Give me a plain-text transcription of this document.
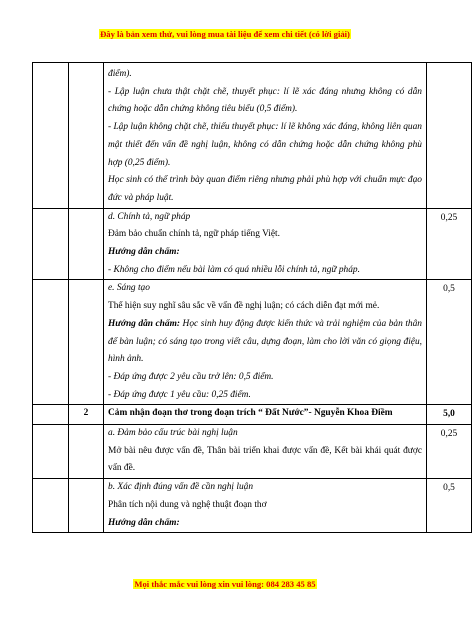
Đây là bản xem thử, vui lòng mua tài liệu để xem chi tiết (có lời giải)

		điểm).

- Lập luận chưa thật chặt chẽ, thuyết phục: lí lẽ xác đáng nhưng không có dẫn chứng hoặc dẫn chứng không tiêu biểu (0,5 điểm).

- Lập luận không chặt chẽ, thiếu thuyết phục: lí lẽ không xác đáng, không liên quan mật thiết đến vấn đề nghị luận, không có dẫn chứng hoặc dẫn chứng không phù hợp (0,25 điểm).

Học sinh có thể trình bày quan điểm riêng nhưng phải phù hợp với chuẩn mực đạo đức và pháp luật.	

		d. Chính tả, ngữ pháp

Đảm bảo chuẩn chính tả, ngữ pháp tiếng Việt.

Hướng dẫn chấm:

- Không cho điểm nếu bài làm có quá nhiều lỗi chính tả, ngữ pháp.	0,25

		e. Sáng tạo

Thể hiện suy nghĩ sâu sắc về vấn đề nghị luận; có cách diễn đạt mới mẻ.

Hướng dẫn chấm: Học sinh huy động được kiến thức và trải nghiệm của bản thân để bàn luận; có sáng tạo trong viết câu, dựng đoạn, làm cho lời văn có giọng điệu, hình ảnh.

- Đáp ứng được 2 yêu cầu trở lên: 0,5 điểm.

- Đáp ứng được 1 yêu cầu: 0,25 điểm.	0,5
	2	Cảm nhận đoạn thơ trong đoạn trích “ Đất Nước”- Nguyễn Khoa Điềm	5,0

		a. Đảm bảo cấu trúc bài nghị luận

Mở bài nêu được vấn đề, Thân bài triển khai được vấn đề, Kết bài khái quát được vấn đề.	0,25

		b. Xác định đúng vấn đề cần nghị luận

Phân tích nội dung và nghệ thuật đoạn thơ

Hướng dẫn chấm:	0,5
Mọi thắc mắc vui lòng xin vui lòng: 084 283 45 85
